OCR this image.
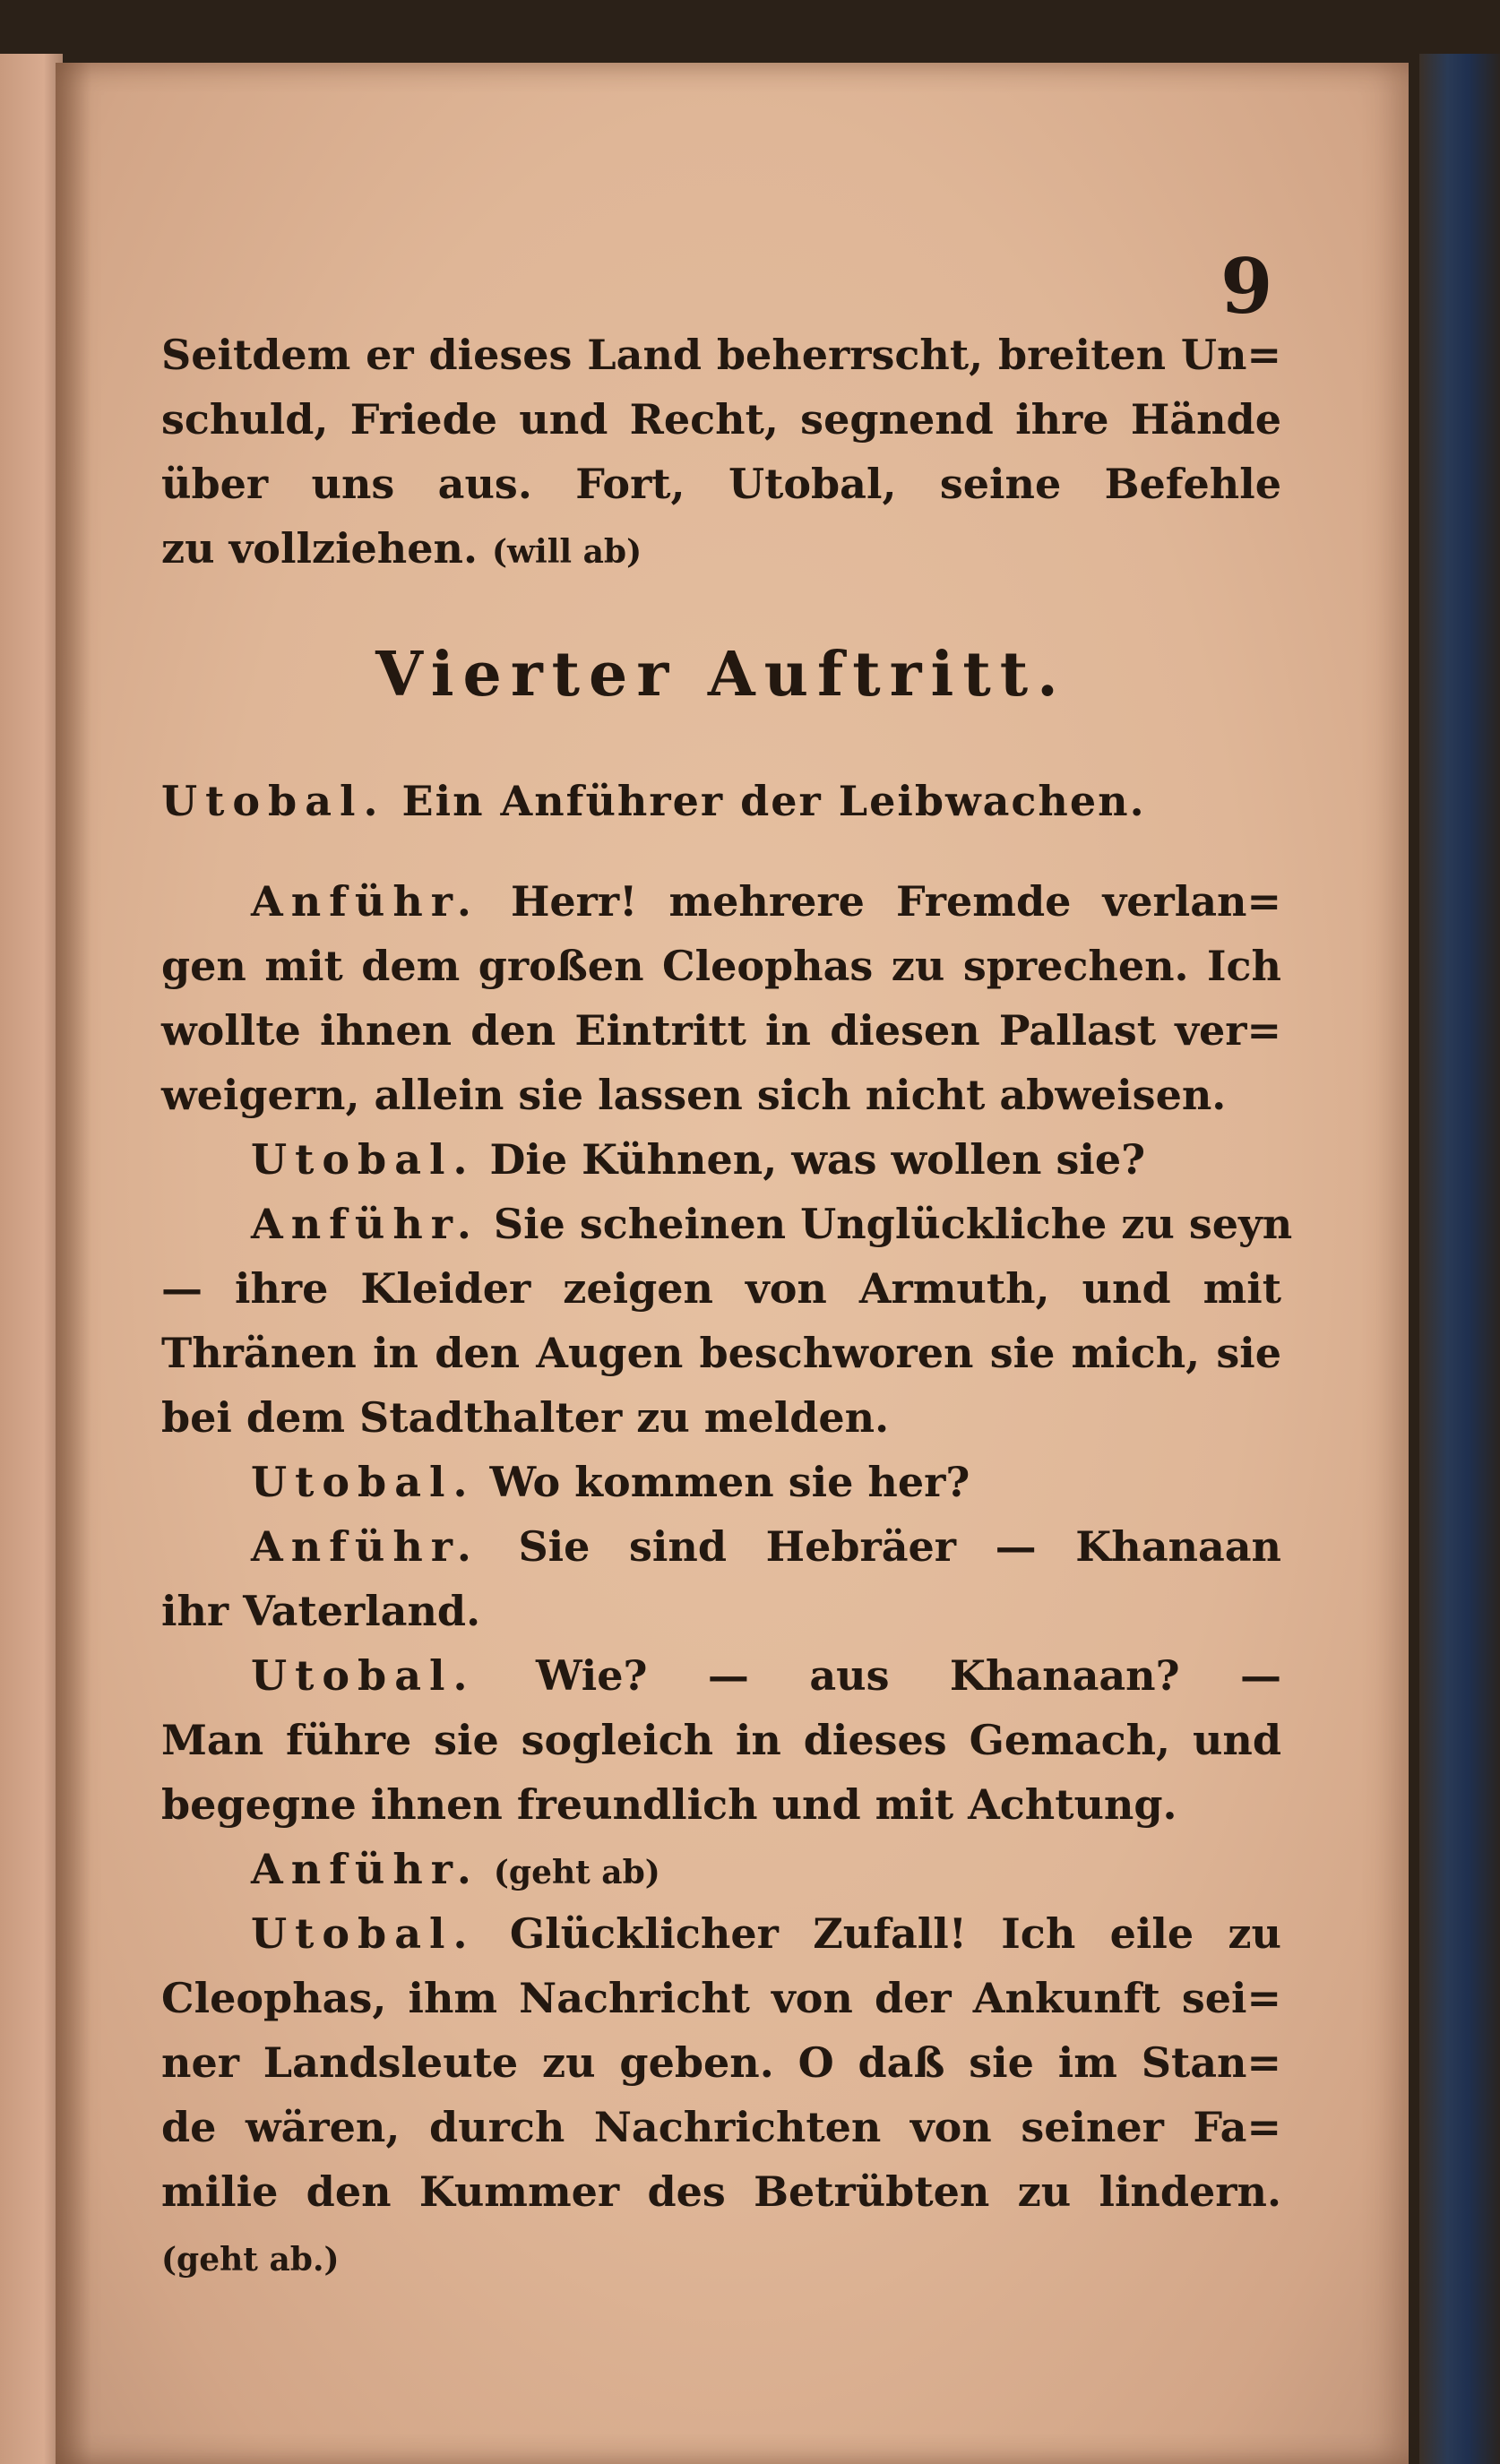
9
Seitdem er dieses Land beherrscht, breiten Un=
schuld, Friede und Recht, segnend ihre Hände
über uns aus. Fort, Utobal, seine Befehle
zu vollziehen. (will ab)
Vierter Auftritt.
Utobal. Ein Anführer der Leibwachen.
Anführ. Herr! mehrere Fremde verlan=
gen mit dem großen Cleophas zu sprechen. Ich
wollte ihnen den Eintritt in diesen Pallast ver=
weigern, allein sie lassen sich nicht abweisen.
Utobal. Die Kühnen, was wollen sie?
Anführ. Sie scheinen Unglückliche zu seyn
— ihre Kleider zeigen von Armuth, und mit
Thränen in den Augen beschworen sie mich, sie
bei dem Stadthalter zu melden.
Utobal. Wo kommen sie her?
Anführ. Sie sind Hebräer — Khanaan
ihr Vaterland.
Utobal. Wie? — aus Khanaan? —
Man führe sie sogleich in dieses Gemach, und
begegne ihnen freundlich und mit Achtung.
Anführ. (geht ab)
Utobal. Glücklicher Zufall! Ich eile zu
Cleophas, ihm Nachricht von der Ankunft sei=
ner Landsleute zu geben. O daß sie im Stan=
de wären, durch Nachrichten von seiner Fa=
milie den Kummer des Betrübten zu lindern.
(geht ab.)
